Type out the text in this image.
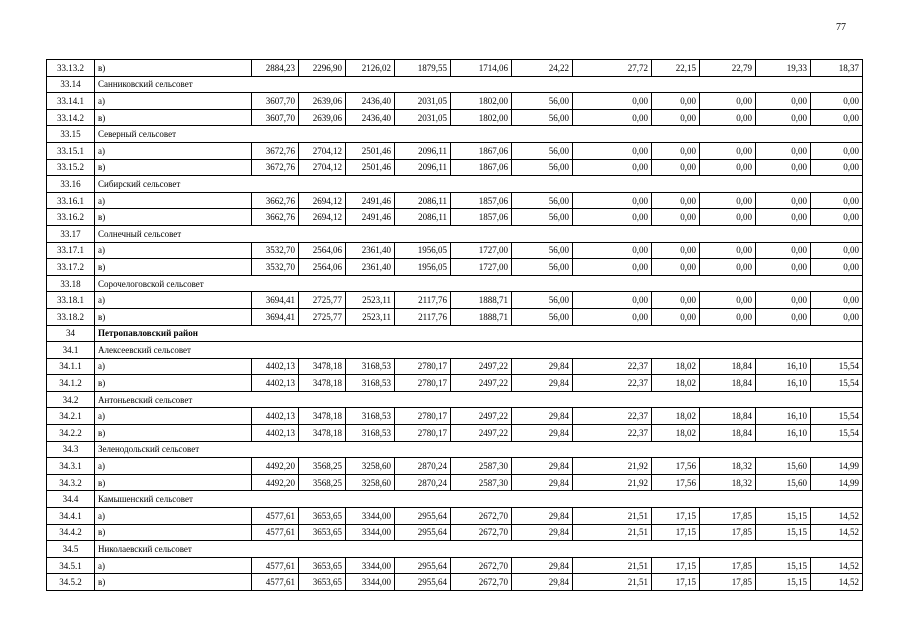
77
33.13.2	в)	2884,23	2296,90	2126,02	1879,55	1714,06	24,22	27,72	22,15	22,79	19,33	18,37
33.14	Санниковский сельсовет											
33.14.1	а)	3607,70	2639,06	2436,40	2031,05	1802,00	56,00	0,00	0,00	0,00	0,00	0,00
33.14.2	в)	3607,70	2639,06	2436,40	2031,05	1802,00	56,00	0,00	0,00	0,00	0,00	0,00
33.15	Северный сельсовет											
33.15.1	а)	3672,76	2704,12	2501,46	2096,11	1867,06	56,00	0,00	0,00	0,00	0,00	0,00
33.15.2	в)	3672,76	2704,12	2501,46	2096,11	1867,06	56,00	0,00	0,00	0,00	0,00	0,00
33.16	Сибирский сельсовет											
33.16.1	а)	3662,76	2694,12	2491,46	2086,11	1857,06	56,00	0,00	0,00	0,00	0,00	0,00
33.16.2	в)	3662,76	2694,12	2491,46	2086,11	1857,06	56,00	0,00	0,00	0,00	0,00	0,00
33.17	Солнечный сельсовет											
33.17.1	а)	3532,70	2564,06	2361,40	1956,05	1727,00	56,00	0,00	0,00	0,00	0,00	0,00
33.17.2	в)	3532,70	2564,06	2361,40	1956,05	1727,00	56,00	0,00	0,00	0,00	0,00	0,00
33.18	Сорочелоговской сельсовет											
33.18.1	а)	3694,41	2725,77	2523,11	2117,76	1888,71	56,00	0,00	0,00	0,00	0,00	0,00
33.18.2	в)	3694,41	2725,77	2523,11	2117,76	1888,71	56,00	0,00	0,00	0,00	0,00	0,00
34	Петропавловский район											
34.1	Алексеевский сельсовет											
34.1.1	а)	4402,13	3478,18	3168,53	2780,17	2497,22	29,84	22,37	18,02	18,84	16,10	15,54
34.1.2	в)	4402,13	3478,18	3168,53	2780,17	2497,22	29,84	22,37	18,02	18,84	16,10	15,54
34.2	Антоньевский сельсовет											
34.2.1	а)	4402,13	3478,18	3168,53	2780,17	2497,22	29,84	22,37	18,02	18,84	16,10	15,54
34.2.2	в)	4402,13	3478,18	3168,53	2780,17	2497,22	29,84	22,37	18,02	18,84	16,10	15,54
34.3	Зеленодольский сельсовет											
34.3.1	а)	4492,20	3568,25	3258,60	2870,24	2587,30	29,84	21,92	17,56	18,32	15,60	14,99
34.3.2	в)	4492,20	3568,25	3258,60	2870,24	2587,30	29,84	21,92	17,56	18,32	15,60	14,99
34.4	Камышенский сельсовет											
34.4.1	а)	4577,61	3653,65	3344,00	2955,64	2672,70	29,84	21,51	17,15	17,85	15,15	14,52
34.4.2	в)	4577,61	3653,65	3344,00	2955,64	2672,70	29,84	21,51	17,15	17,85	15,15	14,52
34.5	Николаевский сельсовет											
34.5.1	а)	4577,61	3653,65	3344,00	2955,64	2672,70	29,84	21,51	17,15	17,85	15,15	14,52
34.5.2	в)	4577,61	3653,65	3344,00	2955,64	2672,70	29,84	21,51	17,15	17,85	15,15	14,52
